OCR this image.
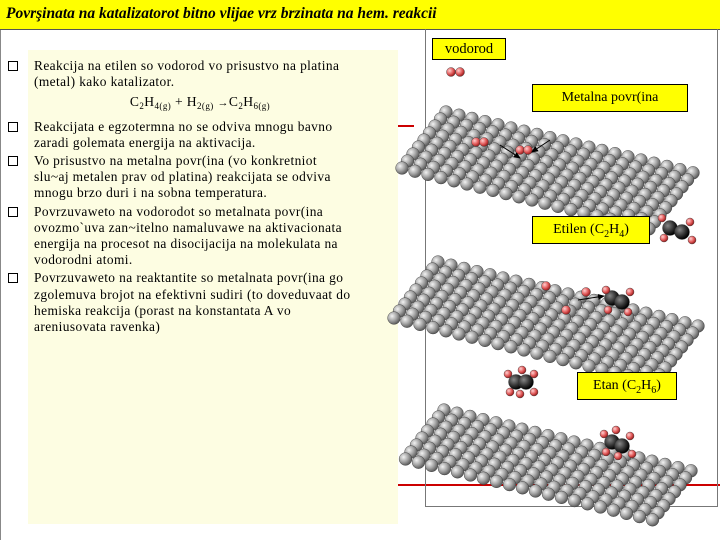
Povrşinata na katalizatorot bitno vlijae vrz brzinata na hem. reakcii
Reakcija na etilen so vodorod vo prisustvo na platina
(metal) kako katalizator.
$C_2H_{4(g)} + H_{2(g)} \to C_2H_{6(g)}$
Reakcijata e egzotermna no se odviva mnogu bavno
zaradi golemata energija na aktivacija.
Vo prisustvo na metalna povr(ina (vo konkretniot
slu~aj metalen prav od platina) reakcijata se odviva
mnogu brzo duri i na sobna temperatura.
Povrzuvaweto na vodorodot so metalnata povr(ina
ovozmo`uva zan~itelno namaluvawe na aktivacionata
energija na procesot na disocijacija na molekulata na
vodorodni atomi.
Povrzuvaweto na reaktantite so metalnata povr(ina go
zgolemuva brojot na efektivni sudiri (to doveduvaat do
hemiska reakcija (porast na konstantata A vo
areniusovata ravenka)
vodorod
Metalna povr(ina
Etilen $(C_2H_4)$
Etan $(C_2H_6)$
